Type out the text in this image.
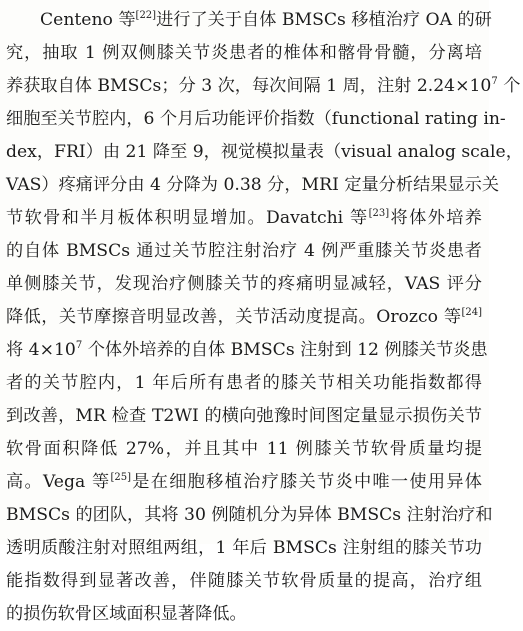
Centeno 等[22]进行了关于自体 BMSCs 移植治疗 OA 的研
究，抽取 1 例双侧膝关节炎患者的椎体和髂骨骨髓，分离培
养获取自体 BMSCs；分 3 次，每次间隔 1 周，注射 $2.24\times 10^7$ 个
细胞至关节腔内，6 个月后功能评价指数（functional rating in-
dex，FRI）由 21 降至 9，视觉模拟量表（visual analog scale，
VAS）疼痛评分由 4 分降为 0.38 分，MRI 定量分析结果显示关
节软骨和半月板体积明显增加。Davatchi 等[23]将体外培养
的自体 BMSCs 通过关节腔注射治疗 4 例严重膝关节炎患者
单侧膝关节，发现治疗侧膝关节的疼痛明显减轻，VAS 评分
降低，关节摩擦音明显改善，关节活动度提高。Orozco 等[24]
将 $4\times 10^7$ 个体外培养的自体 BMSCs 注射到 12 例膝关节炎患
者的关节腔内，1 年后所有患者的膝关节相关功能指数都得
到改善，MR 检查 T2WI 的横向弛豫时间图定量显示损伤关节
软骨面积降低 27%，并且其中 11 例膝关节软骨质量均提
高。Vega 等[25]是在细胞移植治疗膝关节炎中唯一使用异体
BMSCs 的团队，其将 30 例随机分为异体 BMSCs 注射治疗和
透明质酸注射对照组两组，1 年后 BMSCs 注射组的膝关节功
能指数得到显著改善，伴随膝关节软骨质量的提高，治疗组
的损伤软骨区域面积显著降低。
